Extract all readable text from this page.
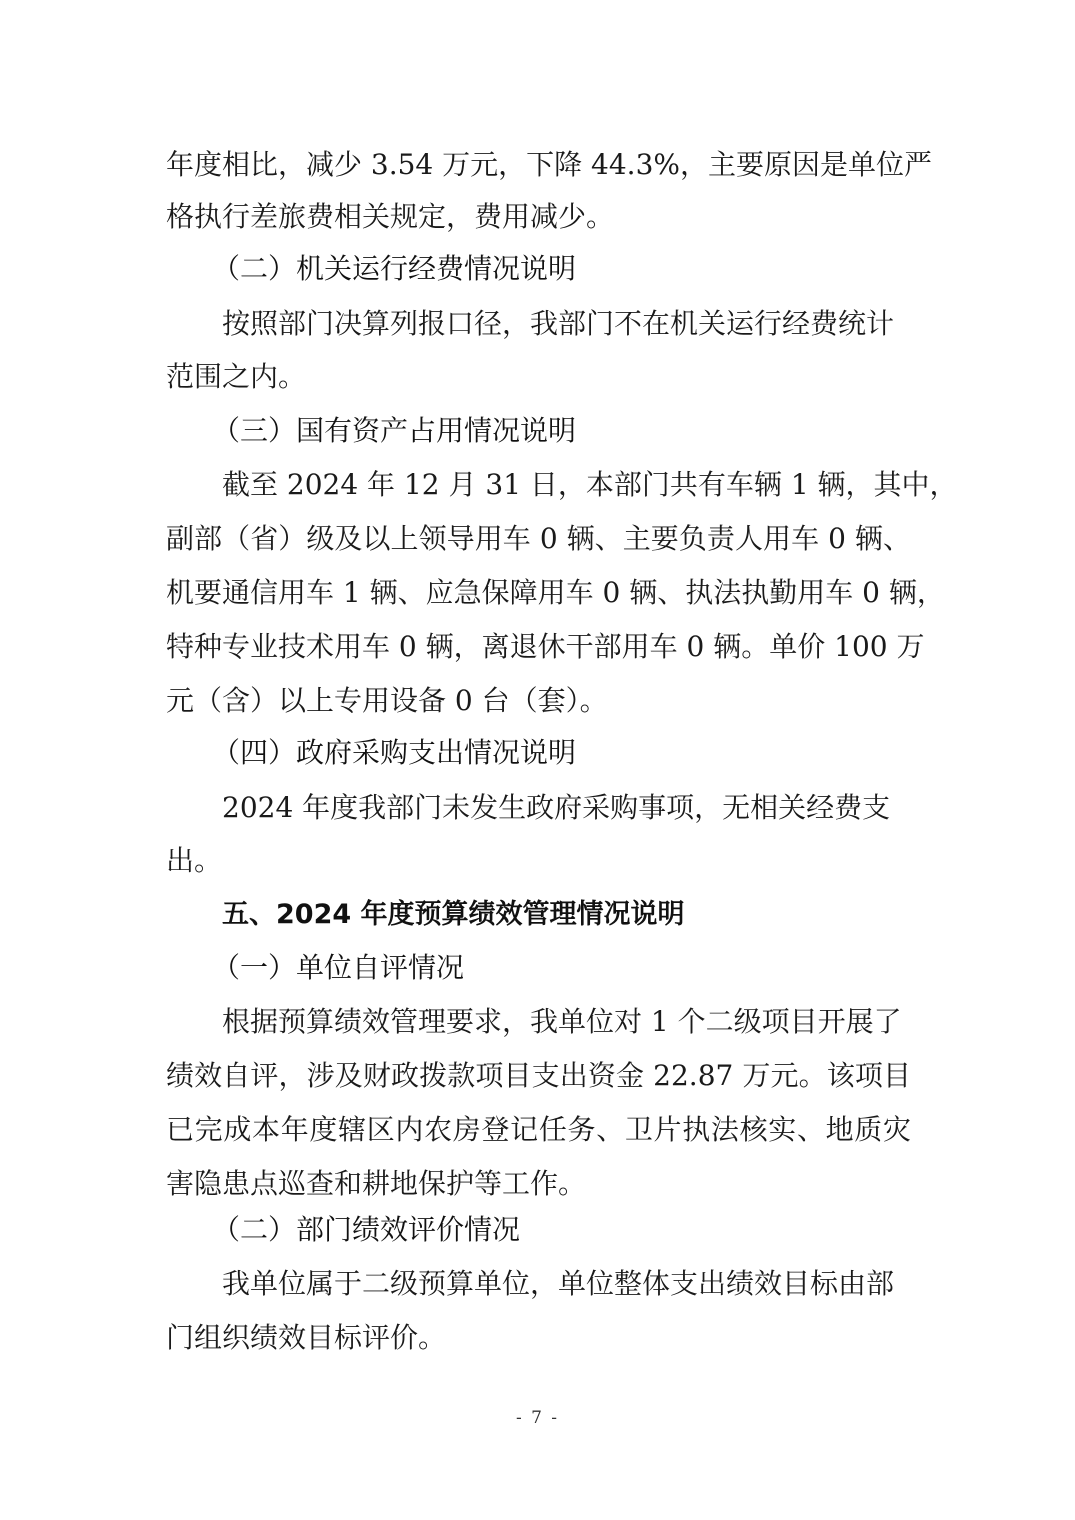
年度相比，减少 3.54 万元，下降 44.3%，主要原因是单位严
格执行差旅费相关规定，费用减少。
（二）机关运行经费情况说明
按照部门决算列报口径，我部门不在机关运行经费统计
范围之内。
（三）国有资产占用情况说明
截至 2024 年 12 月 31 日，本部门共有车辆 1 辆，其中，
副部（省）级及以上领导用车 0 辆、主要负责人用车 0 辆、
机要通信用车 1 辆、应急保障用车 0 辆、执法执勤用车 0 辆，
特种专业技术用车 0 辆，离退休干部用车 0 辆。单价 100 万
元（含）以上专用设备 0 台（套）。
（四）政府采购支出情况说明
2024 年度我部门未发生政府采购事项，无相关经费支
出。
五、2024 年度预算绩效管理情况说明
（一）单位自评情况
根据预算绩效管理要求，我单位对 1 个二级项目开展了
绩效自评，涉及财政拨款项目支出资金 22.87 万元。该项目
已完成本年度辖区内农房登记任务、卫片执法核实、地质灾
害隐患点巡查和耕地保护等工作。
（二）部门绩效评价情况
我单位属于二级预算单位，单位整体支出绩效目标由部
门组织绩效目标评价。
- 7 -
